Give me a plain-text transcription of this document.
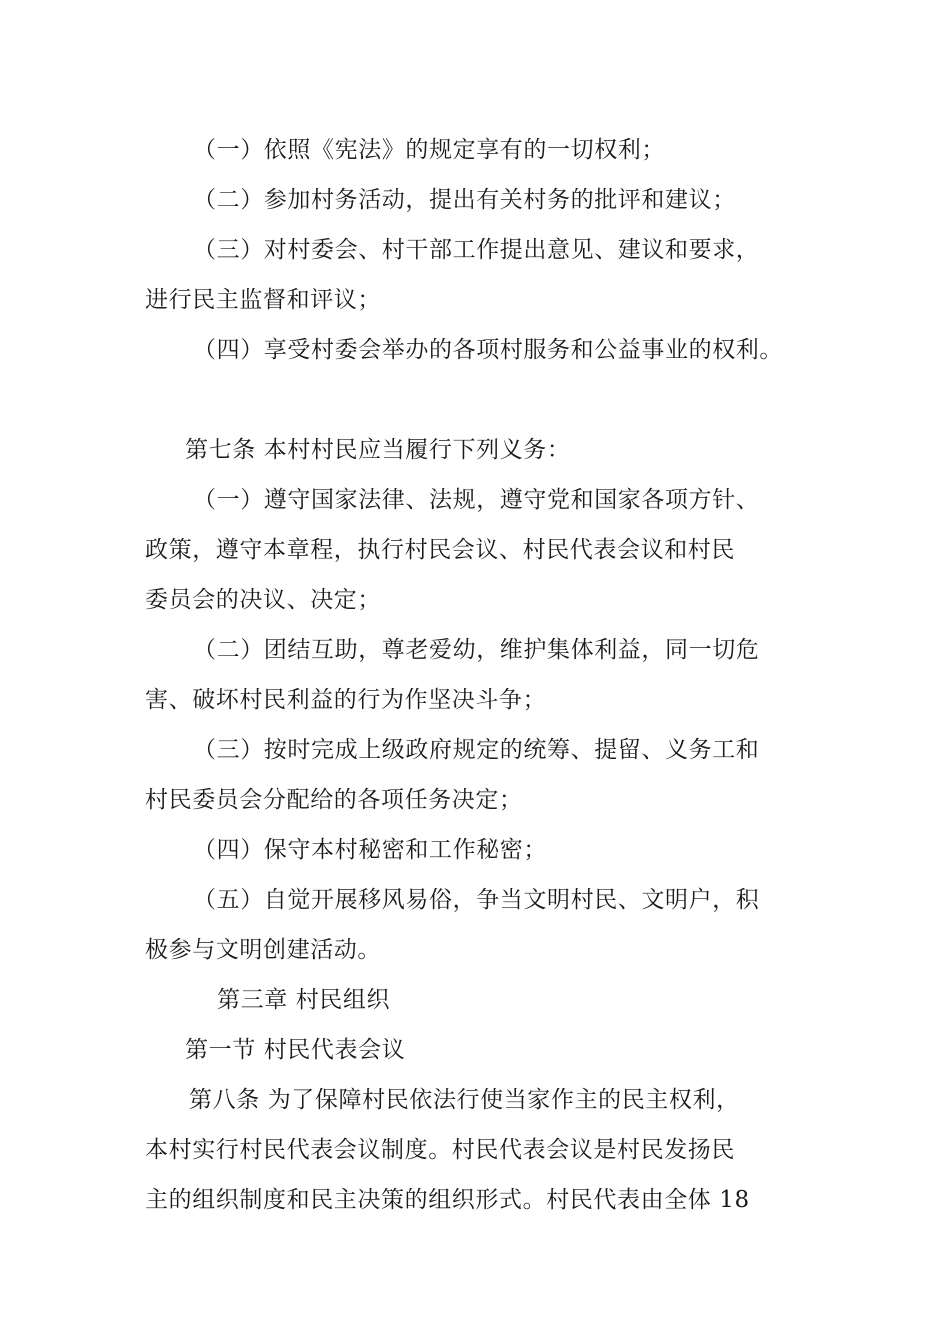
（一）依照《宪法》的规定享有的一切权利；
（二）参加村务活动，提出有关村务的批评和建议；
（三）对村委会、村干部工作提出意见、建议和要求，
进行民主监督和评议；
（四）享受村委会举办的各项村服务和公益事业的权利。
第七条 本村村民应当履行下列义务：
（一）遵守国家法律、法规，遵守党和国家各项方针、
政策，遵守本章程，执行村民会议、村民代表会议和村民
委员会的决议、决定；
（二）团结互助，尊老爱幼，维护集体利益，同一切危
害、破坏村民利益的行为作坚决斗争；
（三）按时完成上级政府规定的统筹、提留、义务工和
村民委员会分配给的各项任务决定；
（四）保守本村秘密和工作秘密；
（五）自觉开展移风易俗，争当文明村民、文明户，积
极参与文明创建活动。
第三章 村民组织
第一节 村民代表会议
第八条 为了保障村民依法行使当家作主的民主权利，
本村实行村民代表会议制度。村民代表会议是村民发扬民
主的组织制度和民主决策的组织形式。村民代表由全体 18
